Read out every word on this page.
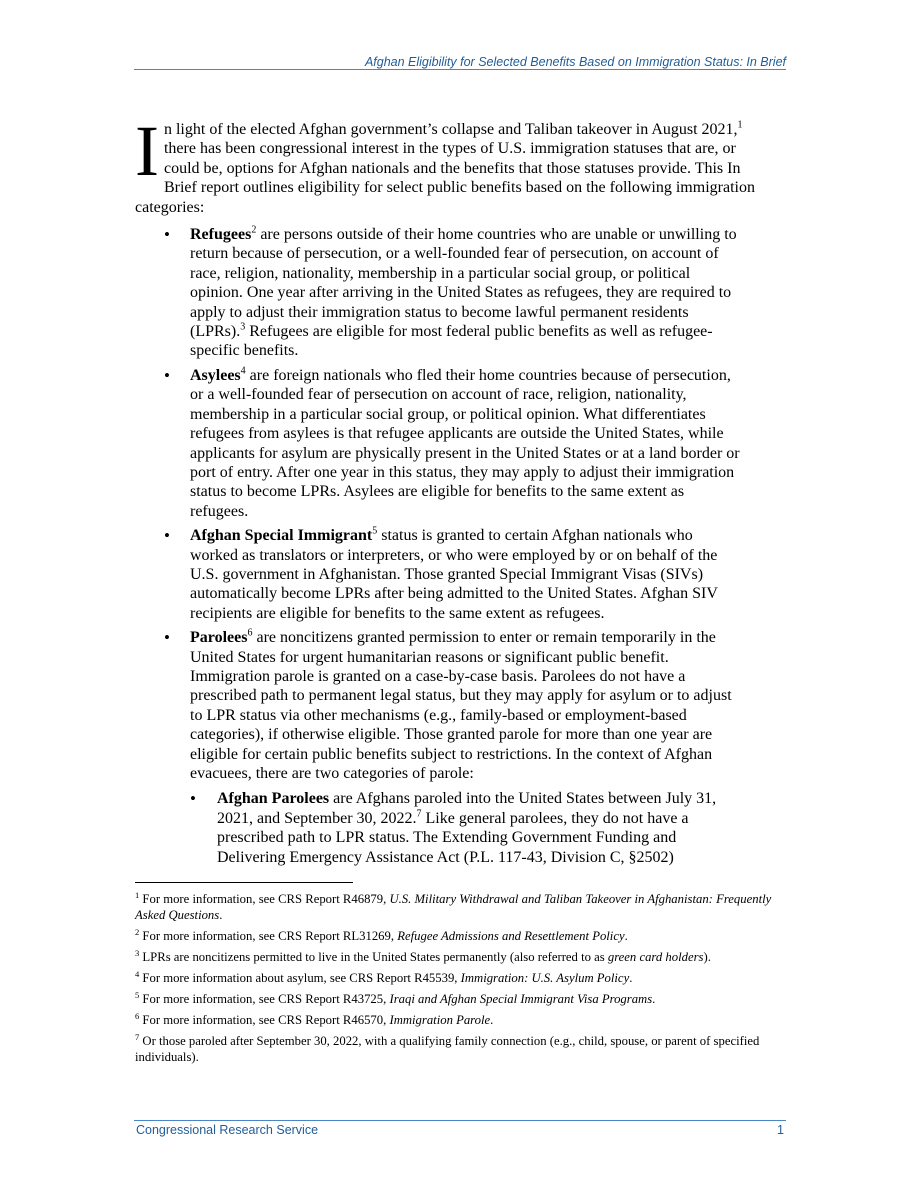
Afghan Eligibility for Selected Benefits Based on Immigration Status: In Brief

In light of the elected Afghan government’s collapse and Taliban takeover in August 2021,$^1$ there has been congressional interest in the types of U.S. immigration statuses that are, or could be, options for Afghan nationals and the benefits that those statuses provide. This In Brief report outlines eligibility for select public benefits based on the following immigration categories:

• Refugees$^2$ are persons outside of their home countries who are unable or unwilling to return because of persecution, or a well-founded fear of persecution, on account of race, religion, nationality, membership in a particular social group, or political opinion. One year after arriving in the United States as refugees, they are required to apply to adjust their immigration status to become lawful permanent residents (LPRs).$^3$ Refugees are eligible for most federal public benefits as well as refugee-specific benefits.
• Asylees$^4$ are foreign nationals who fled their home countries because of persecution, or a well-founded fear of persecution on account of race, religion, nationality, membership in a particular social group, or political opinion. What differentiates refugees from asylees is that refugee applicants are outside the United States, while applicants for asylum are physically present in the United States or at a land border or port of entry. After one year in this status, they may apply to adjust their immigration status to become LPRs. Asylees are eligible for benefits to the same extent as refugees.
• Afghan Special Immigrant$^5$ status is granted to certain Afghan nationals who worked as translators or interpreters, or who were employed by or on behalf of the U.S. government in Afghanistan. Those granted Special Immigrant Visas (SIVs) automatically become LPRs after being admitted to the United States. Afghan SIV recipients are eligible for benefits to the same extent as refugees.
• Parolees$^6$ are noncitizens granted permission to enter or remain temporarily in the United States for urgent humanitarian reasons or significant public benefit. Immigration parole is granted on a case-by-case basis. Parolees do not have a prescribed path to permanent legal status, but they may apply for asylum or to adjust to LPR status via other mechanisms (e.g., family-based or employment-based categories), if otherwise eligible. Those granted parole for more than one year are eligible for certain public benefits subject to restrictions. In the context of Afghan evacuees, there are two categories of parole:
• Afghan Parolees are Afghans paroled into the United States between July 31, 2021, and September 30, 2022.$^7$ Like general parolees, they do not have a prescribed path to LPR status. The Extending Government Funding and Delivering Emergency Assistance Act (P.L. 117-43, Division C, §2502)

$^1$ For more information, see CRS Report R46879, U.S. Military Withdrawal and Taliban Takeover in Afghanistan: Frequently Asked Questions.

$^2$ For more information, see CRS Report RL31269, Refugee Admissions and Resettlement Policy.

$^3$ LPRs are noncitizens permitted to live in the United States permanently (also referred to as green card holders).

$^4$ For more information about asylum, see CRS Report R45539, Immigration: U.S. Asylum Policy.

$^5$ For more information, see CRS Report R43725, Iraqi and Afghan Special Immigrant Visa Programs.

$^6$ For more information, see CRS Report R46570, Immigration Parole.

$^7$ Or those paroled after September 30, 2022, with a qualifying family connection (e.g., child, spouse, or parent of specified individuals).

Congressional Research Service	1
